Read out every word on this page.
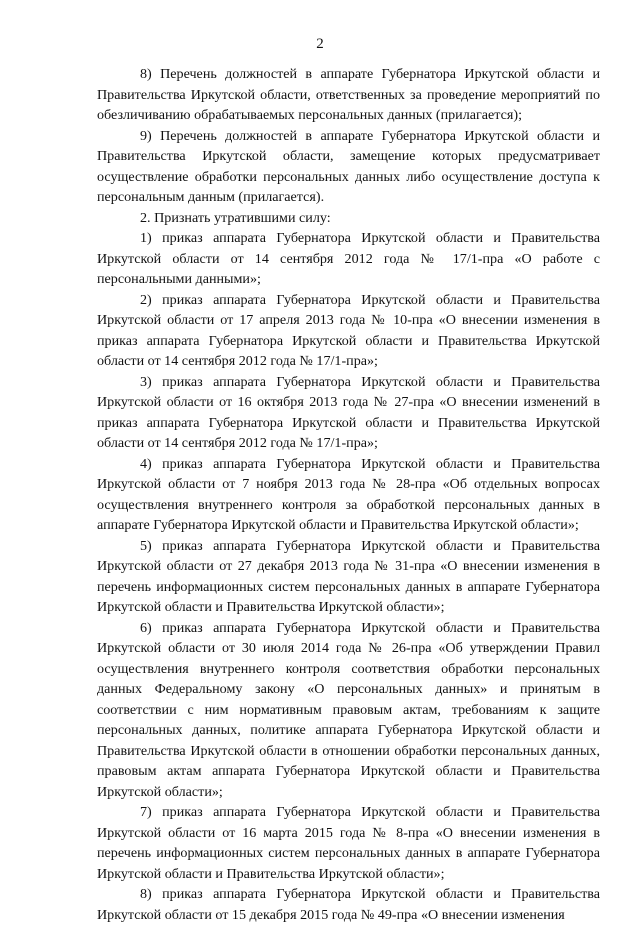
2

8) Перечень должностей в аппарате Губернатора Иркутской области и Правительства Иркутской области, ответственных за проведение мероприятий по обезличиванию обрабатываемых персональных данных (прилагается);

9) Перечень должностей в аппарате Губернатора Иркутской области и Правительства Иркутской области, замещение которых предусматривает осуществление обработки персональных данных либо осуществление доступа к персональным данным (прилагается).

2. Признать утратившими силу:

1) приказ аппарата Губернатора Иркутской области и Правительства Иркутской области от 14 сентября 2012 года № 17/1-пра «О работе с персональными данными»;

2) приказ аппарата Губернатора Иркутской области и Правительства Иркутской области от 17 апреля 2013 года № 10-пра «О внесении изменения в приказ аппарата Губернатора Иркутской области и Правительства Иркутской области от 14 сентября 2012 года № 17/1-пра»;

3) приказ аппарата Губернатора Иркутской области и Правительства Иркутской области от 16 октября 2013 года № 27-пра «О внесении изменений в приказ аппарата Губернатора Иркутской области и Правительства Иркутской области от 14 сентября 2012 года № 17/1-пра»;

4) приказ аппарата Губернатора Иркутской области и Правительства Иркутской области от 7 ноября 2013 года № 28-пра «Об отдельных вопросах осуществления внутреннего контроля за обработкой персональных данных в аппарате Губернатора Иркутской области и Правительства Иркутской области»;

5) приказ аппарата Губернатора Иркутской области и Правительства Иркутской области от 27 декабря 2013 года № 31-пра «О внесении изменения в перечень информационных систем персональных данных в аппарате Губернатора Иркутской области и Правительства Иркутской области»;

6) приказ аппарата Губернатора Иркутской области и Правительства Иркутской области от 30 июля 2014 года № 26-пра «Об утверждении Правил осуществления внутреннего контроля соответствия обработки персональных данных Федеральному закону «О персональных данных» и принятым в соответствии с ним нормативным правовым актам, требованиям к защите персональных данных, политике аппарата Губернатора Иркутской области и Правительства Иркутской области в отношении обработки персональных данных, правовым актам аппарата Губернатора Иркутской области и Правительства Иркутской области»;

7) приказ аппарата Губернатора Иркутской области и Правительства Иркутской области от 16 марта 2015 года № 8-пра «О внесении изменения в перечень информационных систем персональных данных в аппарате Губернатора Иркутской области и Правительства Иркутской области»;

8) приказ аппарата Губернатора Иркутской области и Правительства Иркутской области от 15 декабря 2015 года № 49-пра «О внесении изменения
